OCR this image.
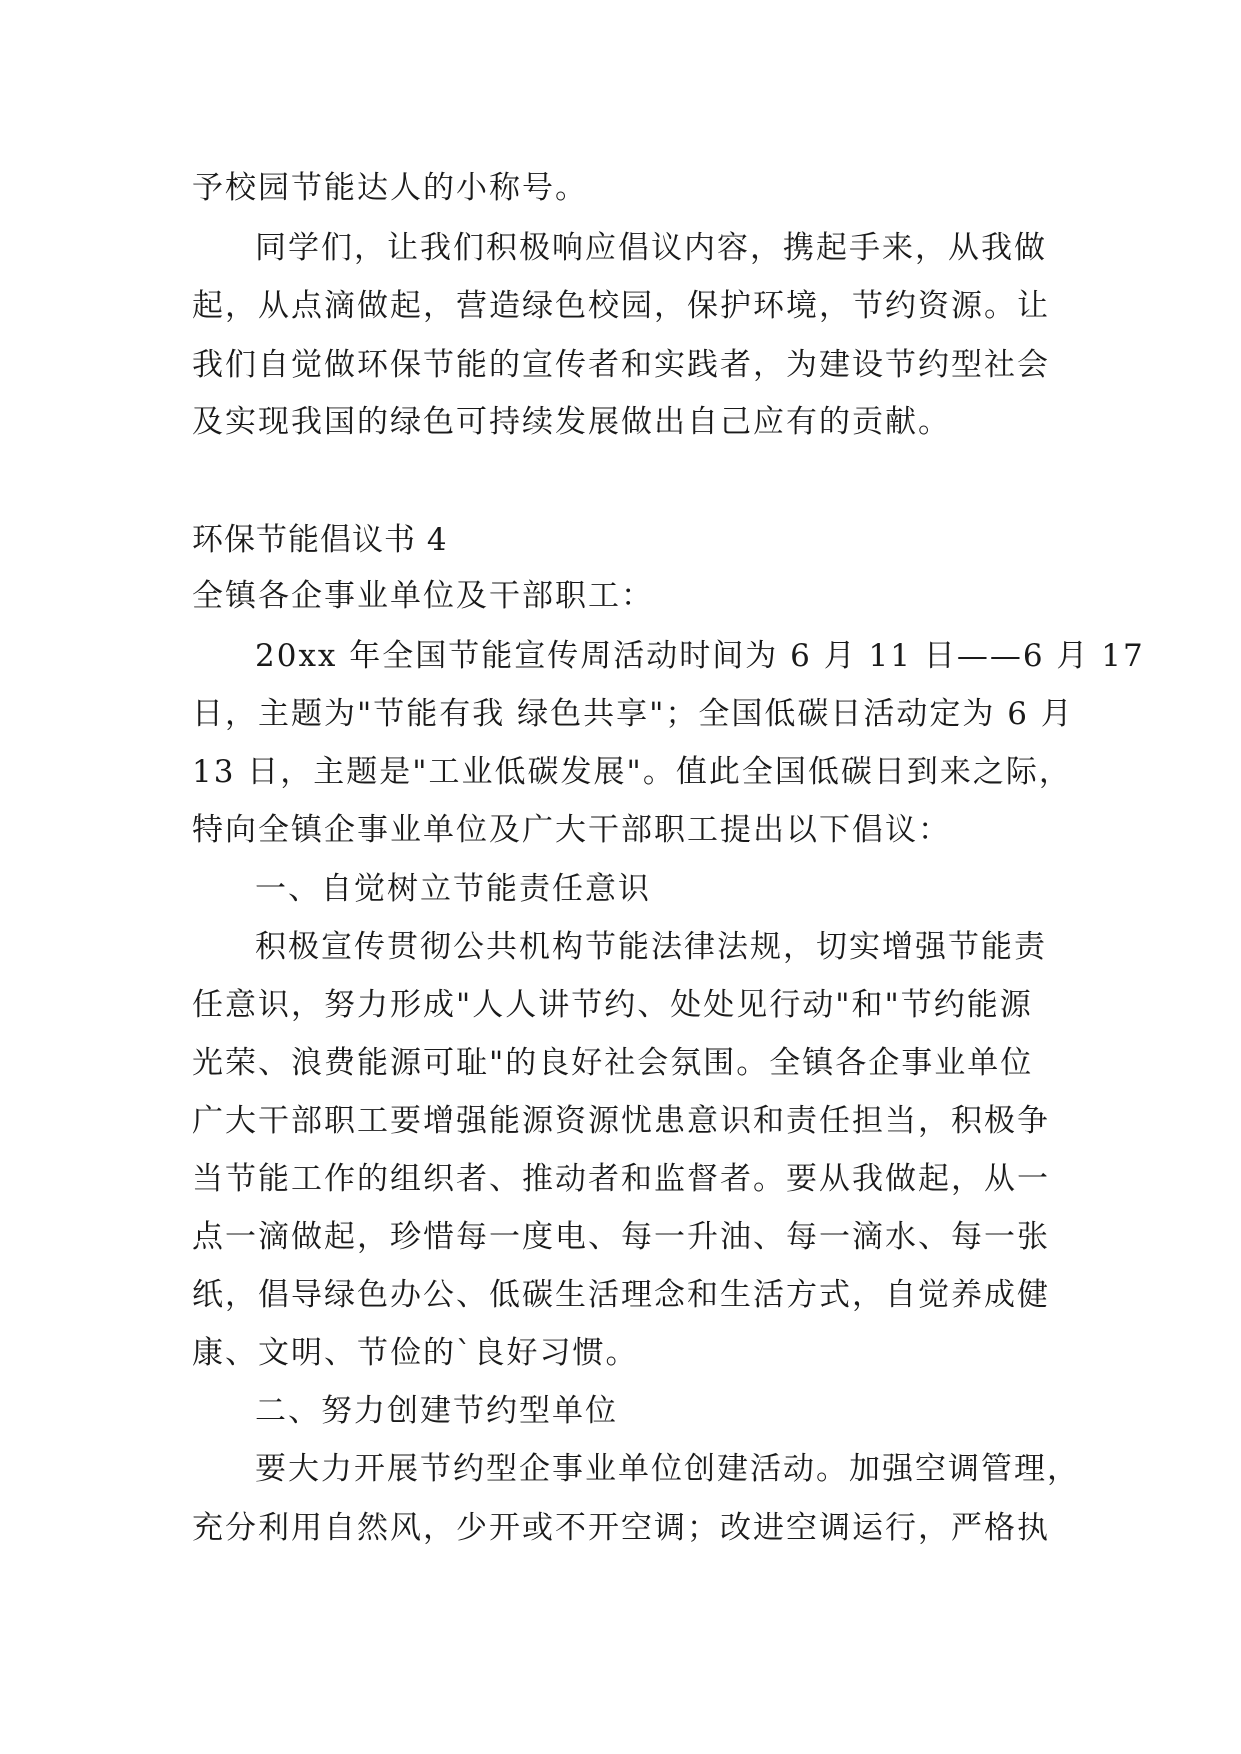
予校园节能达人的小称号。
同学们，让我们积极响应倡议内容，携起手来，从我做
起，从点滴做起，营造绿色校园，保护环境，节约资源。让
我们自觉做环保节能的宣传者和实践者，为建设节约型社会
及实现我国的绿色可持续发展做出自己应有的贡献。
环保节能倡议书 4
全镇各企事业单位及干部职工：
20xx 年全国节能宣传周活动时间为 6 月 11 日——6 月 17
日，主题为"节能有我 绿色共享"；全国低碳日活动定为 6 月
13 日，主题是"工业低碳发展"。值此全国低碳日到来之际，
特向全镇企事业单位及广大干部职工提出以下倡议：
一、自觉树立节能责任意识
积极宣传贯彻公共机构节能法律法规，切实增强节能责
任意识，努力形成"人人讲节约、处处见行动"和"节约能源
光荣、浪费能源可耻"的良好社会氛围。全镇各企事业单位
广大干部职工要增强能源资源忧患意识和责任担当，积极争
当节能工作的组织者、推动者和监督者。要从我做起，从一
点一滴做起，珍惜每一度电、每一升油、每一滴水、每一张
纸，倡导绿色办公、低碳生活理念和生活方式，自觉养成健
康、文明、节俭的`良好习惯。
二、努力创建节约型单位
要大力开展节约型企事业单位创建活动。加强空调管理，
充分利用自然风，少开或不开空调；改进空调运行，严格执
